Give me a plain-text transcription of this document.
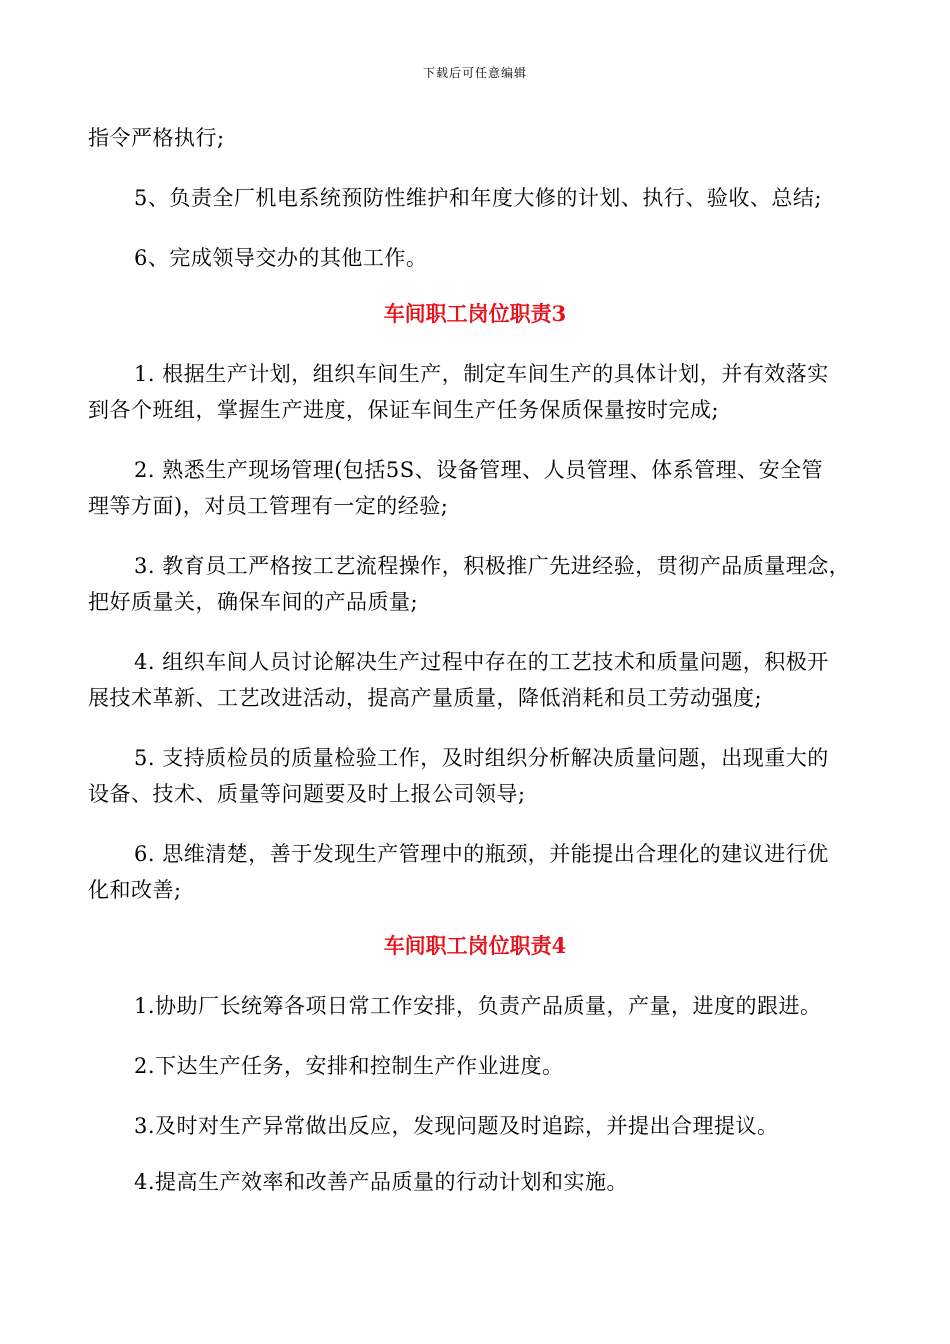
下载后可任意编辑
指令严格执行;
5、负责全厂机电系统预防性维护和年度大修的计划、执行、验收、总结;
6、完成领导交办的其他工作。
车间职工岗位职责3
1. 根据生产计划，组织车间生产，制定车间生产的具体计划，并有效落实
到各个班组，掌握生产进度，保证车间生产任务保质保量按时完成;
2. 熟悉生产现场管理(包括5S、设备管理、人员管理、体系管理、安全管
理等方面)，对员工管理有一定的经验;
3. 教育员工严格按工艺流程操作，积极推广先进经验，贯彻产品质量理念，
把好质量关，确保车间的产品质量;
4. 组织车间人员讨论解决生产过程中存在的工艺技术和质量问题，积极开
展技术革新、工艺改进活动，提高产量质量，降低消耗和员工劳动强度;
5. 支持质检员的质量检验工作，及时组织分析解决质量问题，出现重大的
设备、技术、质量等问题要及时上报公司领导;
6. 思维清楚，善于发现生产管理中的瓶颈，并能提出合理化的建议进行优
化和改善;
车间职工岗位职责4
1.协助厂长统筹各项日常工作安排，负责产品质量，产量，进度的跟进。
2.下达生产任务，安排和控制生产作业进度。
3.及时对生产异常做出反应，发现问题及时追踪，并提出合理提议。
4.提高生产效率和改善产品质量的行动计划和实施。
